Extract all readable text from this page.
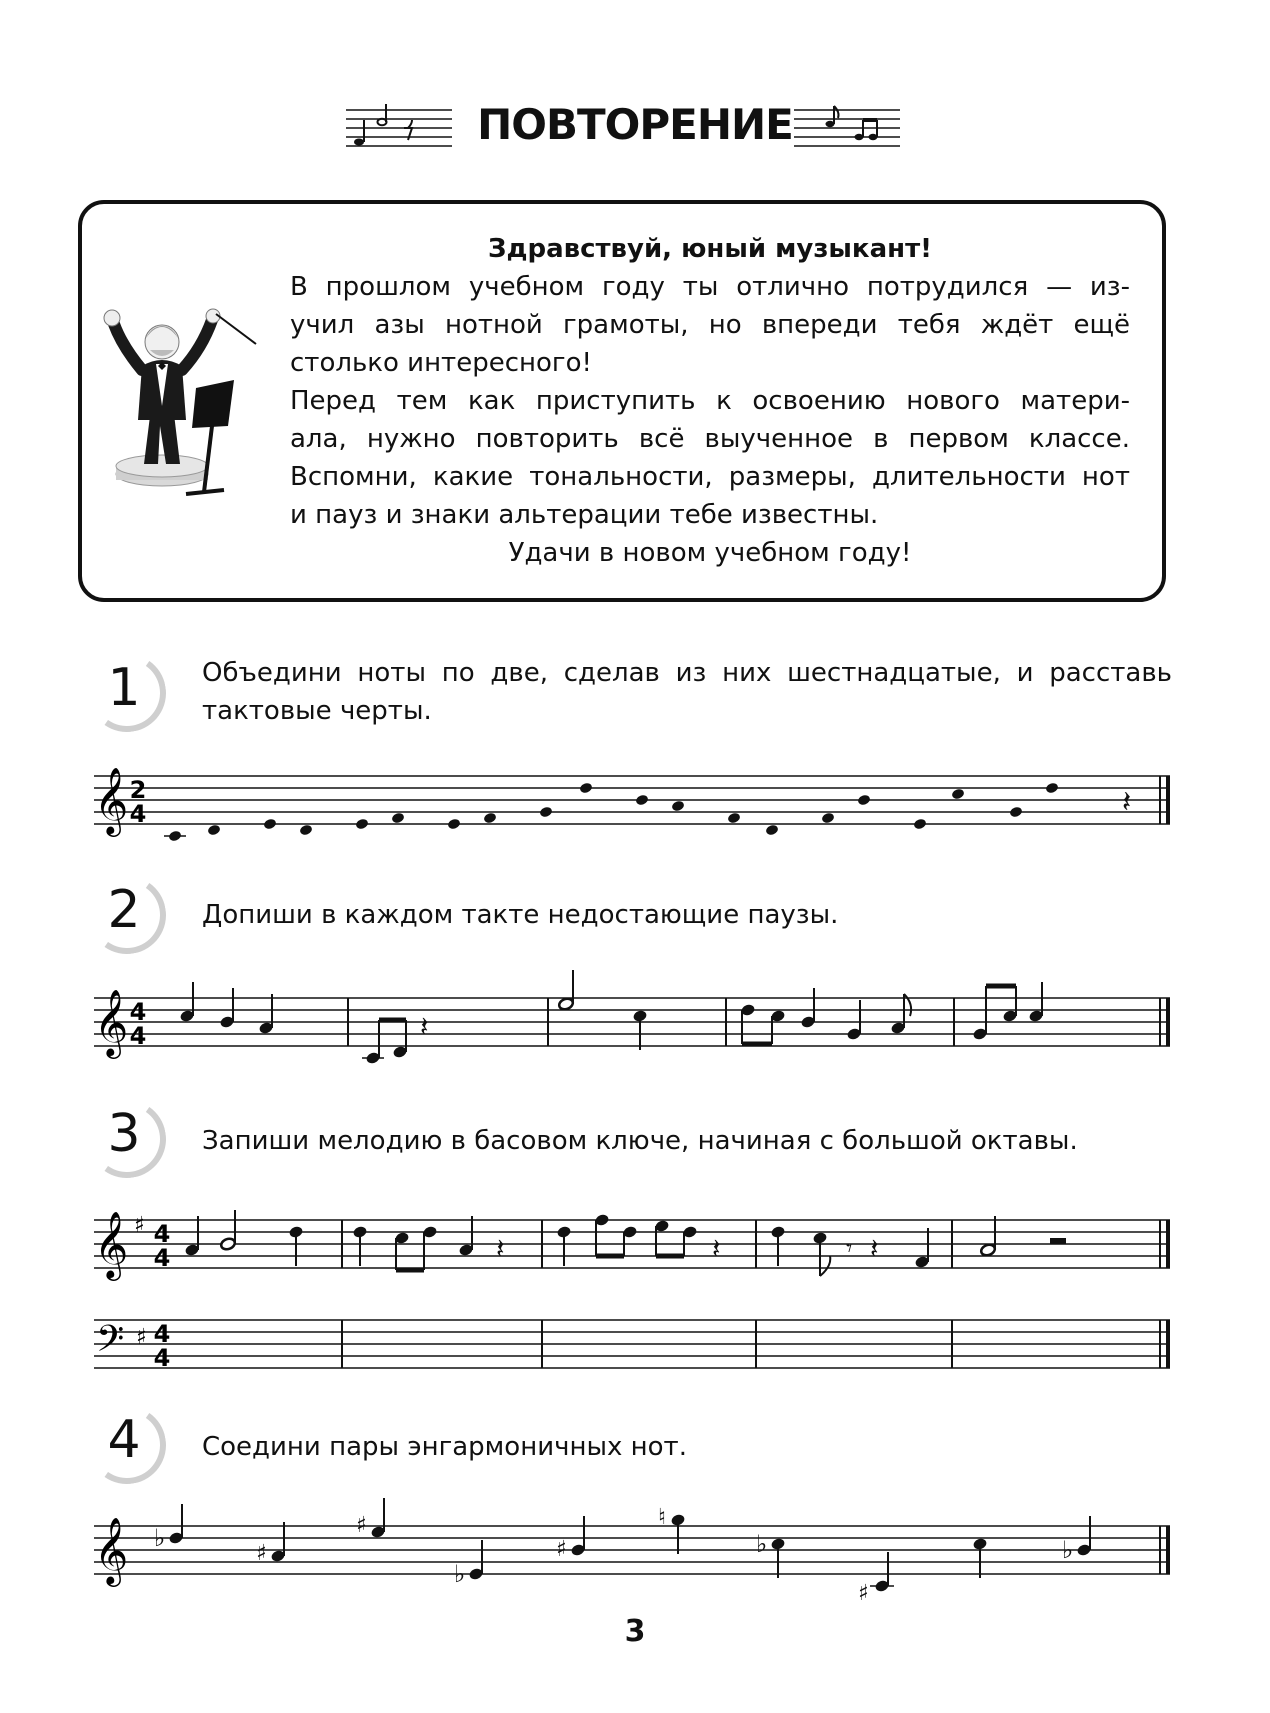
ПОВТОРЕНИЕ
Здравствуй, юный музыкант!
В прошлом учебном году ты отлично потрудился — из-
учил азы нотной грамоты, но впереди тебя ждёт ещё
столько интересного!
Перед тем как приступить к освоению нового матери-
ала, нужно повторить всё выученное в первом классе.
Вспомни, какие тональности, размеры, длительности нот
и пауз и знаки альтерации тебе известны.
Удачи в новом учебном году!
1	Объедини ноты по две, сделав из них шестнадцатые, и расставь
тактовые черты.
𝄞 2
4	𝄽
2	Допиши в каждом такте недостающие паузы.
𝄞 4
4	𝄽
3	Запиши мелодию в басовом ключе, начиная с большой октавы.
𝄞 ♯ 4
4	𝄽	𝄽	𝄾 𝄽
𝄢 ♯ 4
4
4	Соедини пары энгармоничных нот.
𝄞 ♭
♯
♯
♭
♯
♮
♭
♯
♭
3
